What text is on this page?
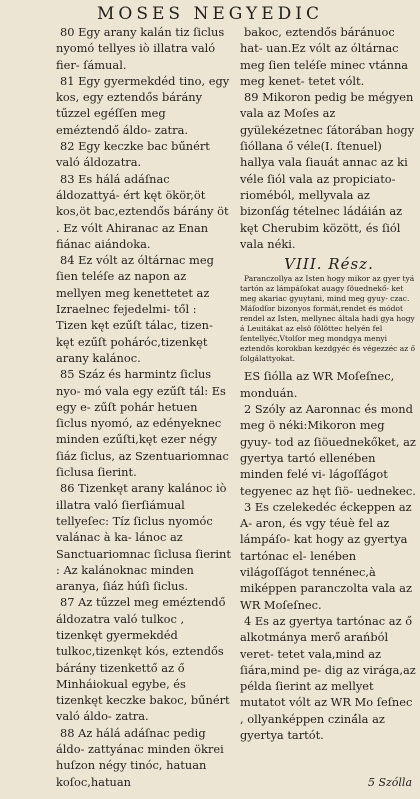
MOSES NEGYEDIC

80 Egy arany kalán tiz ſiclus nyomó tellyes iò illatra való fier- ſámual.

81 Egy gyermekdéd tino, egy kos, egy eztendős bárány tűzzel egéſſen meg eméztendő áldo- zatra.

82 Egy keczke bac bűnért való áldozatra.

83 Es hálá adáſnac áldozattyá- ért kęt ökör,öt kos,öt bac,eztendős bárány öt . Ez vólt Ahiranac az Enan fiánac aiándoka.

84 Ez vólt az óltárnac meg ſien teléſe az napon az mellyen meg kenettetet az Izraelnec fejedelmi- től : Tizen kęt ezűſt tálac, tizen- kęt ezűſt poháróc,tizenkęt arany kalánoc.

85 Száz és harmintz ſiclus nyo- mó vala egy ezűſt tál: Es egy e- zűſt pohár hetuen ſiclus nyomó, az edényeknec minden ezűſti,kęt ezer négy ſiáz ſiclus, az Szentuariomnac ſiclusa ſierint.

86 Tizenkęt arany kalánoc iò illatra való ſierſiámual tellyeſec: Tíz ſiclus nyomóc valánac à ka- lánoc az Sanctuariomnac ſiclusa ſierint : Az kalánoknac minden aranya, ſiáz húſi ſiclus.

87 Az tűzzel meg eméztendő áldozatra való tulkoc , tizenkęt gyermekdéd tulkoc,tizenkęt kós, eztendős bárány tizenkettő az ő Minháiokual egybe, és tizenkęt keczke bakoc, bűnért való áldo- zatra.

88 Az hálá adáſnac pedig áldo- zattyánac minden ökrei huſzon négy tinóc, hatuan koſoc,hatuan

bakoc, eztendős báránuoc hat- uan.Ez vólt az óltárnac meg ſien teléſe minec vtánna meg kenet- tetet vólt.

89 Mikoron pedig be mégyen vala az Moſes az gyülekézetnec ſátorában hogy ſióllana ő véle(I. ſtenuel) hallya vala ſiauát annac az ki véle ſiól vala az propiciato- rioméból, mellyvala az bizonſág tételnec ládáián az kęt Cherubim között, és ſiól vala néki.

VIII. Rész.

Paranczollya az Isten hogy mikor az gyer tyá tartón az lámpáſokat auagy ſöuednekő- ket meg akariac gyuytani, mind meg gyuy- czac. Máſodſor bizonyos formát,rendet és módot rendel az Isten, mellynec általa hadi gya hogy á Leuitákat az elsö ſölöttec helyén fel ſentellyéc,Vtolſor meg mondgya menyi eztendős korokban kezdgyéc és végezzéc az ő ſolgálattyokat.

ES ſiólla az WR Moſeſnec, monduán.

2 Szóly az Aaronnac és mond meg ö néki:Mikoron meg gyuy- tod az ſiöuednekőket, az gyertya tartó ellenében minden felé vi- lágoſſágot tegyenec az hęt ſiö- uednekec.

3 Es czelekedéc éckeppen az A- aron, és vgy téuè fel az lámpáſo- kat hogy az gyertya tartónac el- lenében világoſſágot tennénec,à miképpen paranczolta vala az WR Moſeſnec.

4 Es az gyertya tartónac az ő alkotmánya merő arańból veret- tetet vala,mind az ſiára,mind pe- dig az virága,az példa ſierint az mellyet mutatot vólt az WR Mo ſeſnec , ollyanképpen cziná́la az gyertya tartót.

5 Szólla
